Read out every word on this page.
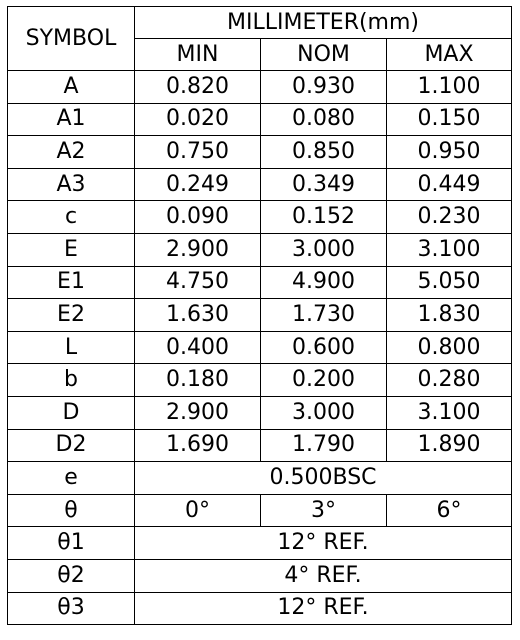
SYMBOL	MILLIMETER(mm)		
	MIN	NOM	MAX
A	0.820	0.930	1.100
A1	0.020	0.080	0.150
A2	0.750	0.850	0.950
A3	0.249	0.349	0.449
c	0.090	0.152	0.230
E	2.900	3.000	3.100
E1	4.750	4.900	5.050
E2	1.630	1.730	1.830
L	0.400	0.600	0.800
b	0.180	0.200	0.280
D	2.900	3.000	3.100
D2	1.690	1.790	1.890
e	0.500BSC		
θ	0°	3°	6°
θ1	12° REF.		
θ2	4° REF.		
θ3	12° REF.		
